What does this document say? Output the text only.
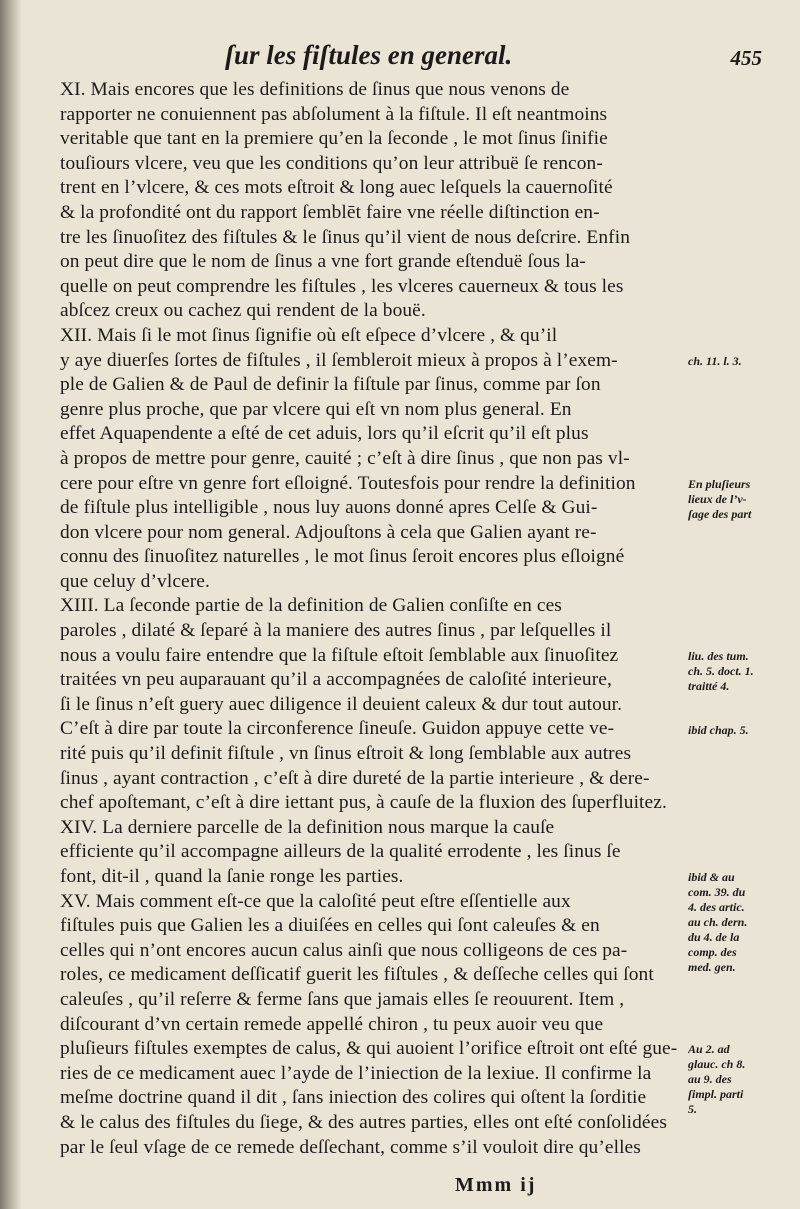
ſur les fiſtules en general.	455
XI. Mais encores que les definitions de ſinus que nous venons de
rapporter ne conuiennent pas abſolument à la fiſtule. Il eſt neantmoins
veritable que tant en la premiere qu’en la ſeconde , le mot ſinus ſinifie
touſiours vlcere, veu que les conditions qu’on leur attribuë ſe rencon-
trent en l’vlcere, & ces mots eſtroit & long auec leſquels la cauernoſité
& la profondité ont du rapport ſemblēt faire vne réelle diſtinction en-
tre les ſinuoſitez des fiſtules & le ſinus qu’il vient de nous deſcrire. Enfin
on peut dire que le nom de ſinus a vne fort grande eſtenduë ſous la-
quelle on peut comprendre les fiſtules , les vlceres cauerneux & tous les
abſcez creux ou cachez qui rendent de la bouë.
XII. Mais ſi le mot ſinus ſignifie où eſt eſpece d’vlcere , & qu’il
y aye diuerſes ſortes de fiſtules , il ſembleroit mieux à propos à l’exem-
ple de Galien & de Paul de definir la fiſtule par ſinus, comme par ſon
genre plus proche, que par vlcere qui eſt vn nom plus general. En
effet Aquapendente a eſté de cet aduis, lors qu’il eſcrit qu’il eſt plus
à propos de mettre pour genre, cauité ; c’eſt à dire ſinus , que non pas vl-
cere pour eſtre vn genre fort eſloigné. Toutesfois pour rendre la definition
de fiſtule plus intelligible , nous luy auons donné apres Celſe & Gui-
don vlcere pour nom general. Adjouſtons à cela que Galien ayant re-
connu des ſinuoſitez naturelles , le mot ſinus ſeroit encores plus eſloigné
que celuy d’vlcere.
XIII. La ſeconde partie de la definition de Galien conſiſte en ces
paroles , dilaté & ſeparé à la maniere des autres ſinus , par leſquelles il
nous a voulu faire entendre que la fiſtule eſtoit ſemblable aux ſinuoſitez
traitées vn peu auparauant qu’il a accompagnées de caloſité interieure,
ſi le ſinus n’eſt guery auec diligence il deuient caleux & dur tout autour.
C’eſt à dire par toute la circonference ſineuſe. Guidon appuye cette ve-
rité puis qu’il definit fiſtule , vn ſinus eſtroit & long ſemblable aux autres
ſinus , ayant contraction , c’eſt à dire dureté de la partie interieure , & dere-
chef apoſtemant, c’eſt à dire iettant pus, à cauſe de la fluxion des ſuperfluitez.
XIV. La derniere parcelle de la definition nous marque la cauſe
efficiente qu’il accompagne ailleurs de la qualité errodente , les ſinus ſe
font, dit-il , quand la ſanie ronge les parties.
XV. Mais comment eſt-ce que la caloſité peut eſtre eſſentielle aux
fiſtules puis que Galien les a diuiſées en celles qui ſont caleuſes & en
celles qui n’ont encores aucun calus ainſi que nous colligeons de ces pa-
roles, ce medicament deſſicatif guerit les fiſtules , & deſſeche celles qui ſont
caleuſes , qu’il reſerre & ferme ſans que jamais elles ſe reouurent. Item ,
diſcourant d’vn certain remede appellé chiron , tu peux auoir veu que
pluſieurs fiſtules exemptes de calus, & qui auoient l’orifice eſtroit ont eſté gue-
ries de ce medicament auec l’ayde de l’iniection de la lexiue. Il confirme la
meſme doctrine quand il dit , ſans iniection des colires qui oſtent la ſorditie
& le calus des fiſtules du ſiege, & des autres parties, elles ont eſté conſolidées
par le ſeul vſage de ce remede deſſechant, comme s’il vouloit dire qu’elles
ch. 11. l. 3.
En pluſieurs
lieux de l’v-
ſage des part
liu. des tum.
ch. 5. doct. 1.
traitté 4.
ibid chap. 5.
ibid & au
com. 39. du
4. des artic.
au ch. dern.
du 4. de la
comp. des
med. gen.
Au 2. ad
glauc. ch 8.
au 9. des
ſimpl. parti
5.
Mmm ij
